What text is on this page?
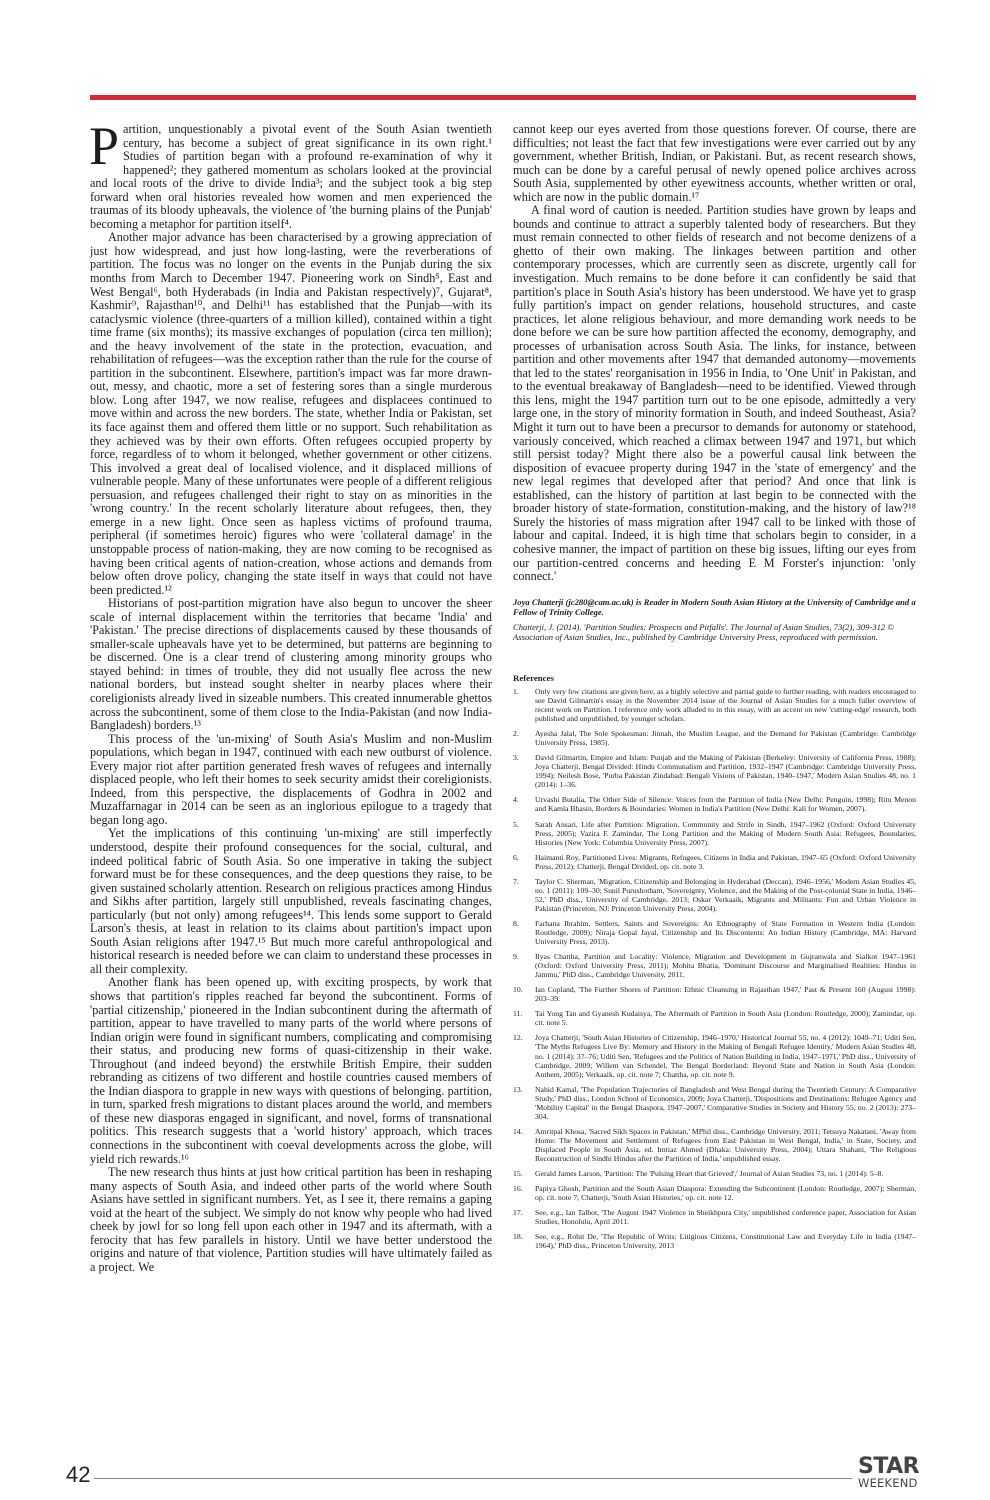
Partition, unquestionably a pivotal event of the South Asian twentieth century, has become a subject of great significance in its own right.¹ Studies of partition began with a profound re-examination of why it happened²; they gathered momentum as scholars looked at the provincial and local roots of the drive to divide India³; and the subject took a big step forward when oral histories revealed how women and men experienced the traumas of its bloody upheavals, the violence of 'the burning plains of the Punjab' becoming a metaphor for partition itself⁴.

Another major advance has been characterised by a growing appreciation of just how widespread, and just how long-lasting, were the reverberations of partition. The focus was no longer on the events in the Punjab during the six months from March to December 1947. Pioneering work on Sindh⁵, East and West Bengal⁶, both Hyderabads (in India and Pakistan respectively)⁷, Gujarat⁸, Kashmir⁹, Rajasthan¹⁰, and Delhi¹¹ has established that the Punjab—with its cataclysmic violence (three-quarters of a million killed), contained within a tight time frame (six months); its massive exchanges of population (circa ten million); and the heavy involvement of the state in the protection, evacuation, and rehabilitation of refugees—was the exception rather than the rule for the course of partition in the subcontinent. Elsewhere, partition's impact was far more drawn-out, messy, and chaotic, more a set of festering sores than a single murderous blow. Long after 1947, we now realise, refugees and displacees continued to move within and across the new borders. The state, whether India or Pakistan, set its face against them and offered them little or no support. Such rehabilitation as they achieved was by their own efforts. Often refugees occupied property by force, regardless of to whom it belonged, whether government or other citizens. This involved a great deal of localised violence, and it displaced millions of vulnerable people. Many of these unfortunates were people of a different religious persuasion, and refugees challenged their right to stay on as minorities in the 'wrong country.' In the recent scholarly literature about refugees, then, they emerge in a new light. Once seen as hapless victims of profound trauma, peripheral (if sometimes heroic) figures who were 'collateral damage' in the unstoppable process of nation-making, they are now coming to be recognised as having been critical agents of nation-creation, whose actions and demands from below often drove policy, changing the state itself in ways that could not have been predicted.¹²

Historians of post-partition migration have also begun to uncover the sheer scale of internal displacement within the territories that became 'India' and 'Pakistan.' The precise directions of displacements caused by these thousands of smaller-scale upheavals have yet to be determined, but patterns are beginning to be discerned. One is a clear trend of clustering among minority groups who stayed behind: in times of trouble, they did not usually flee across the new national borders, but instead sought shelter in nearby places where their coreligionists already lived in sizeable numbers. This created innumerable ghettos across the subcontinent, some of them close to the India-Pakistan (and now India-Bangladesh) borders.¹³

This process of the 'un-mixing' of South Asia's Muslim and non-Muslim populations, which began in 1947, continued with each new outburst of violence. Every major riot after partition generated fresh waves of refugees and internally displaced people, who left their homes to seek security amidst their coreligionists. Indeed, from this perspective, the displacements of Godhra in 2002 and Muzaffarnagar in 2014 can be seen as an inglorious epilogue to a tragedy that began long ago.

Yet the implications of this continuing 'un-mixing' are still imperfectly understood, despite their profound consequences for the social, cultural, and indeed political fabric of South Asia. So one imperative in taking the subject forward must be for these consequences, and the deep questions they raise, to be given sustained scholarly attention. Research on religious practices among Hindus and Sikhs after partition, largely still unpublished, reveals fascinating changes, particularly (but not only) among refugees¹⁴. This lends some support to Gerald Larson's thesis, at least in relation to its claims about partition's impact upon South Asian religions after 1947.¹⁵ But much more careful anthropological and historical research is needed before we can claim to understand these processes in all their complexity.

Another flank has been opened up, with exciting prospects, by work that shows that partition's ripples reached far beyond the subcontinent. Forms of 'partial citizenship,' pioneered in the Indian subcontinent during the aftermath of partition, appear to have travelled to many parts of the world where persons of Indian origin were found in significant numbers, complicating and compromising their status, and producing new forms of quasi-citizenship in their wake. Throughout (and indeed beyond) the erstwhile British Empire, their sudden rebranding as citizens of two different and hostile countries caused members of the Indian diaspora to grapple in new ways with questions of belonging. partition, in turn, sparked fresh migrations to distant places around the world, and members of these new diasporas engaged in significant, and novel, forms of transnational politics. This research suggests that a 'world history' approach, which traces connections in the subcontinent with coeval developments across the globe, will yield rich rewards.¹⁶

The new research thus hints at just how critical partition has been in reshaping many aspects of South Asia, and indeed other parts of the world where South Asians have settled in significant numbers. Yet, as I see it, there remains a gaping void at the heart of the subject. We simply do not know why people who had lived cheek by jowl for so long fell upon each other in 1947 and its aftermath, with a ferocity that has few parallels in history. Until we have better understood the origins and nature of that violence, Partition studies will have ultimately failed as a project. We

cannot keep our eyes averted from those questions forever. Of course, there are difficulties; not least the fact that few investigations were ever carried out by any government, whether British, Indian, or Pakistani. But, as recent research shows, much can be done by a careful perusal of newly opened police archives across South Asia, supplemented by other eyewitness accounts, whether written or oral, which are now in the public domain.¹⁷

A final word of caution is needed. Partition studies have grown by leaps and bounds and continue to attract a superbly talented body of researchers. But they must remain connected to other fields of research and not become denizens of a ghetto of their own making. The linkages between partition and other contemporary processes, which are currently seen as discrete, urgently call for investigation. Much remains to be done before it can confidently be said that partition's place in South Asia's history has been understood. We have yet to grasp fully partition's impact on gender relations, household structures, and caste practices, let alone religious behaviour, and more demanding work needs to be done before we can be sure how partition affected the economy, demography, and processes of urbanisation across South Asia. The links, for instance, between partition and other movements after 1947 that demanded autonomy—movements that led to the states' reorganisation in 1956 in India, to 'One Unit' in Pakistan, and to the eventual breakaway of Bangladesh—need to be identified. Viewed through this lens, might the 1947 partition turn out to be one episode, admittedly a very large one, in the story of minority formation in South, and indeed Southeast, Asia? Might it turn out to have been a precursor to demands for autonomy or statehood, variously conceived, which reached a climax between 1947 and 1971, but which still persist today? Might there also be a powerful causal link between the disposition of evacuee property during 1947 in the 'state of emergency' and the new legal regimes that developed after that period? And once that link is established, can the history of partition at last begin to be connected with the broader history of state-formation, constitution-making, and the history of law?¹⁸ Surely the histories of mass migration after 1947 call to be linked with those of labour and capital. Indeed, it is high time that scholars begin to consider, in a cohesive manner, the impact of partition on these big issues, lifting our eyes from our partition-centred concerns and heeding E M Forster's injunction: 'only connect.'

Joya Chatterji (jc280@cam.ac.uk) is Reader in Modern South Asian History at the University of Cambridge and a Fellow of Trinity College.
Chatterji, J. (2014). 'Partition Studies: Prospects and Pitfalls'. The Journal of Asian Studies, 73(2), 309-312 © Association of Asian Studies, Inc., published by Cambridge University Press, reproduced with permission.
References
1.	Only very few citations are given here, as a highly selective and partial guide to further reading, with readers encouraged to see David Gilmartin's essay in the November 2014 issue of the Journal of Asian Studies for a much fuller overview of recent work on Partition. I reference only work alluded to in this essay, with an accent on new 'cutting-edge' research, both published and unpublished, by younger scholars.
2.	Ayesha Jalal, The Sole Spokesman: Jinnah, the Muslim League, and the Demand for Pakistan (Cambridge: Cambridge University Press, 1985).
3.	David Gilmartin, Empire and Islam: Punjab and the Making of Pakistan (Berkeley: University of California Press, 1988); Joya Chatterji, Bengal Divided: Hindu Communalism and Partition, 1932–1947 (Cambridge: Cambridge University Press, 1994); Neilesh Bose, 'Purba Pakistan Zindabad: Bengali Visions of Pakistan, 1940–1947,' Modern Asian Studies 48, no. 1 (2014): 1–36.
4.	Urvashi Butalia, The Other Side of Silence: Voices from the Partition of India (New Delhi: Penguin, 1998); Ritu Menon and Kamla Bhasin, Borders & Boundaries: Women in India's Partition (New Delhi: Kali for Women, 2007).
5.	Sarah Ansari, Life after Partition: Migration, Community and Strife in Sindh, 1947–1962 (Oxford: Oxford University Press, 2005); Vazira F. Zamindar, The Long Partition and the Making of Modern South Asia: Refugees, Boundaries, Histories (New York: Columbia University Press, 2007).
6.	Haimanti Roy, Partitioned Lives: Migrants, Refugees, Citizens in India and Pakistan, 1947–65 (Oxford: Oxford University Press, 2012); Chatterji, Bengal Divided, op. cit. note 3.
7.	Taylor C. Sherman, 'Migration, Citizenship and Belonging in Hyderabad (Deccan), 1946–1956,' Modern Asian Studies 45, no. 1 (2011): 109–30; Sunil Purushotham, 'Sovereignty, Violence, and the Making of the Post-colonial State in India, 1946–52,' PhD diss., University of Cambridge, 2013; Oskar Verkaaik, Migrants and Militants: Fun and Urban Violence in Pakistan (Princeton, NJ: Princeton University Press, 2004).
8.	Farhana Ibrahim, Settlers, Saints and Sovereigns: An Ethnography of State Formation in Western India (London: Routledge, 2009); Niraja Gopal Jayal, Citizenship and Its Discontents: An Indian History (Cambridge, MA: Harvard University Press, 2013).
9.	Ilyas Chattha, Partition and Locality: Violence, Migration and Development in Gujranwala and Sialkot 1947–1961 (Oxford: Oxford University Press, 2011); Mohita Bhatia, 'Dominant Discourse and Marginalised Realities: Hindus in Jammu,' PhD diss., Cambridge University, 2011.
10.	Ian Copland, 'The Further Shores of Partition: Ethnic Cleansing in Rajasthan 1947,' Past & Present 160 (August 1998): 203–39.
11.	Tai Yong Tan and Gyanesh Kudaisya, The Aftermath of Partition in South Asia (London: Routledge, 2000); Zamindar, op. cit. note 5.
12.	Joya Chatterji, 'South Asian Histories of Citizenship, 1946–1970,' Historical Journal 55, no. 4 (2012): 1049–71; Uditi Sen, 'The Myths Refugees Live By: Memory and History in the Making of Bengali Refugee Identity,' Modern Asian Studies 48, no. 1 (2014): 37–76; Uditi Sen, 'Refugees and the Politics of Nation Building in India, 1947–1971,' PhD diss., University of Cambridge, 2009; Willem van Schendel, The Bengal Borderland: Beyond State and Nation in South Asia (London: Anthem, 2005); Verkaaik, op. cit. note 7; Chattha, op. cit. note 9.
13.	Nahid Kamal, 'The Population Trajectories of Bangladesh and West Bengal during the Twentieth Century: A Comparative Study,' PhD diss., London School of Economics, 2009; Joya Chatterji, 'Dispositions and Destinations: Refugee Agency and 'Mobility Capital' in the Bengal Diaspora, 1947–2007,' Comparative Studies in Society and History 55, no. 2 (2013): 273–304.
14.	Amritpal Khosa, 'Sacred Sikh Spaces in Pakistan,' MPhil diss., Cambridge University, 2011; Tetsuya Nakatani, 'Away from Home: The Movement and Settlement of Refugees from East Pakistan in West Bengal, India,' in State, Society, and Displaced People in South Asia, ed. Imtiaz Ahmed (Dhaka: University Press, 2004); Uttara Shahani, 'The Religious Reconstruction of Sindhi Hindus after the Partition of India,' unpublished essay.
15.	Gerald James Larson, 'Partition: The 'Pulsing Heart that Grieved',' Journal of Asian Studies 73, no. 1 (2014): 5–8.
16.	Papiya Ghosh, Partition and the South Asian Diaspora: Extending the Subcontinent (London: Routledge, 2007); Sherman, op. cit. note 7; Chatterji, 'South Asian Histories,' op. cit. note 12.
17.	See, e.g., Ian Talbot, 'The August 1947 Violence in Sheikhpura City,' unpublished conference paper, Association for Asian Studies, Honolulu, April 2011.
18.	See, e.g., Rohit De, 'The Republic of Writs: Litigious Citizens, Constitutional Law and Everyday Life in India (1947–1964),' PhD diss., Princeton University, 2013
42	STAR
WEEKEND
